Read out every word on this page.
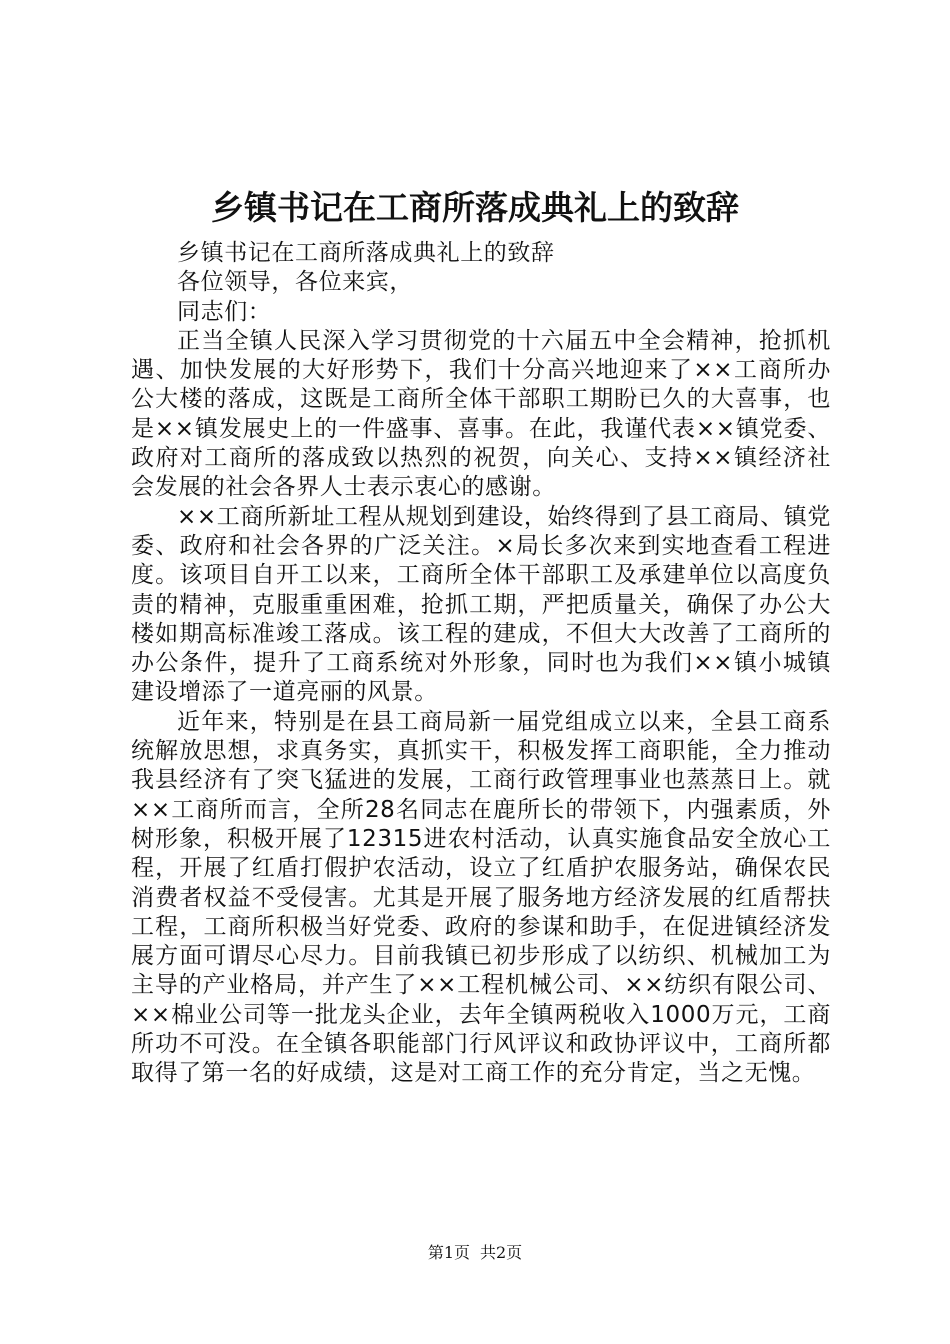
乡镇书记在工商所落成典礼上的致辞

乡镇书记在工商所落成典礼上的致辞

各位领导，各位来宾，

同志们：

正当全镇人民深入学习贯彻党的十六届五中全会精神，抢抓机遇、加快发展的大好形势下，我们十分高兴地迎来了××工商所办公大楼的落成，这既是工商所全体干部职工期盼已久的大喜事，也是××镇发展史上的一件盛事、喜事。在此，我谨代表××镇党委、政府对工商所的落成致以热烈的祝贺，向关心、支持××镇经济社会发展的社会各界人士表示衷心的感谢。

××工商所新址工程从规划到建设，始终得到了县工商局、镇党委、政府和社会各界的广泛关注。×局长多次来到实地查看工程进度。该项目自开工以来，工商所全体干部职工及承建单位以高度负责的精神，克服重重困难，抢抓工期，严把质量关，确保了办公大楼如期高标准竣工落成。该工程的建成，不但大大改善了工商所的办公条件，提升了工商系统对外形象，同时也为我们××镇小城镇建设增添了一道亮丽的风景。

近年来，特别是在县工商局新一届党组成立以来，全县工商系统解放思想，求真务实，真抓实干，积极发挥工商职能，全力推动我县经济有了突飞猛进的发展，工商行政管理事业也蒸蒸日上。就××工商所而言，全所28名同志在鹿所长的带领下，内强素质，外树形象，积极开展了12315进农村活动，认真实施食品安全放心工程，开展了红盾打假护农活动，设立了红盾护农服务站，确保农民消费者权益不受侵害。尤其是开展了服务地方经济发展的红盾帮扶工程，工商所积极当好党委、政府的参谋和助手，在促进镇经济发展方面可谓尽心尽力。目前我镇已初步形成了以纺织、机械加工为主导的产业格局，并产生了××工程机械公司、××纺织有限公司、××棉业公司等一批龙头企业，去年全镇两税收入1000万元，工商所功不可没。在全镇各职能部门行风评议和政协评议中，工商所都取得了第一名的好成绩，这是对工商工作的充分肯定，当之无愧。

第1页 共2页
